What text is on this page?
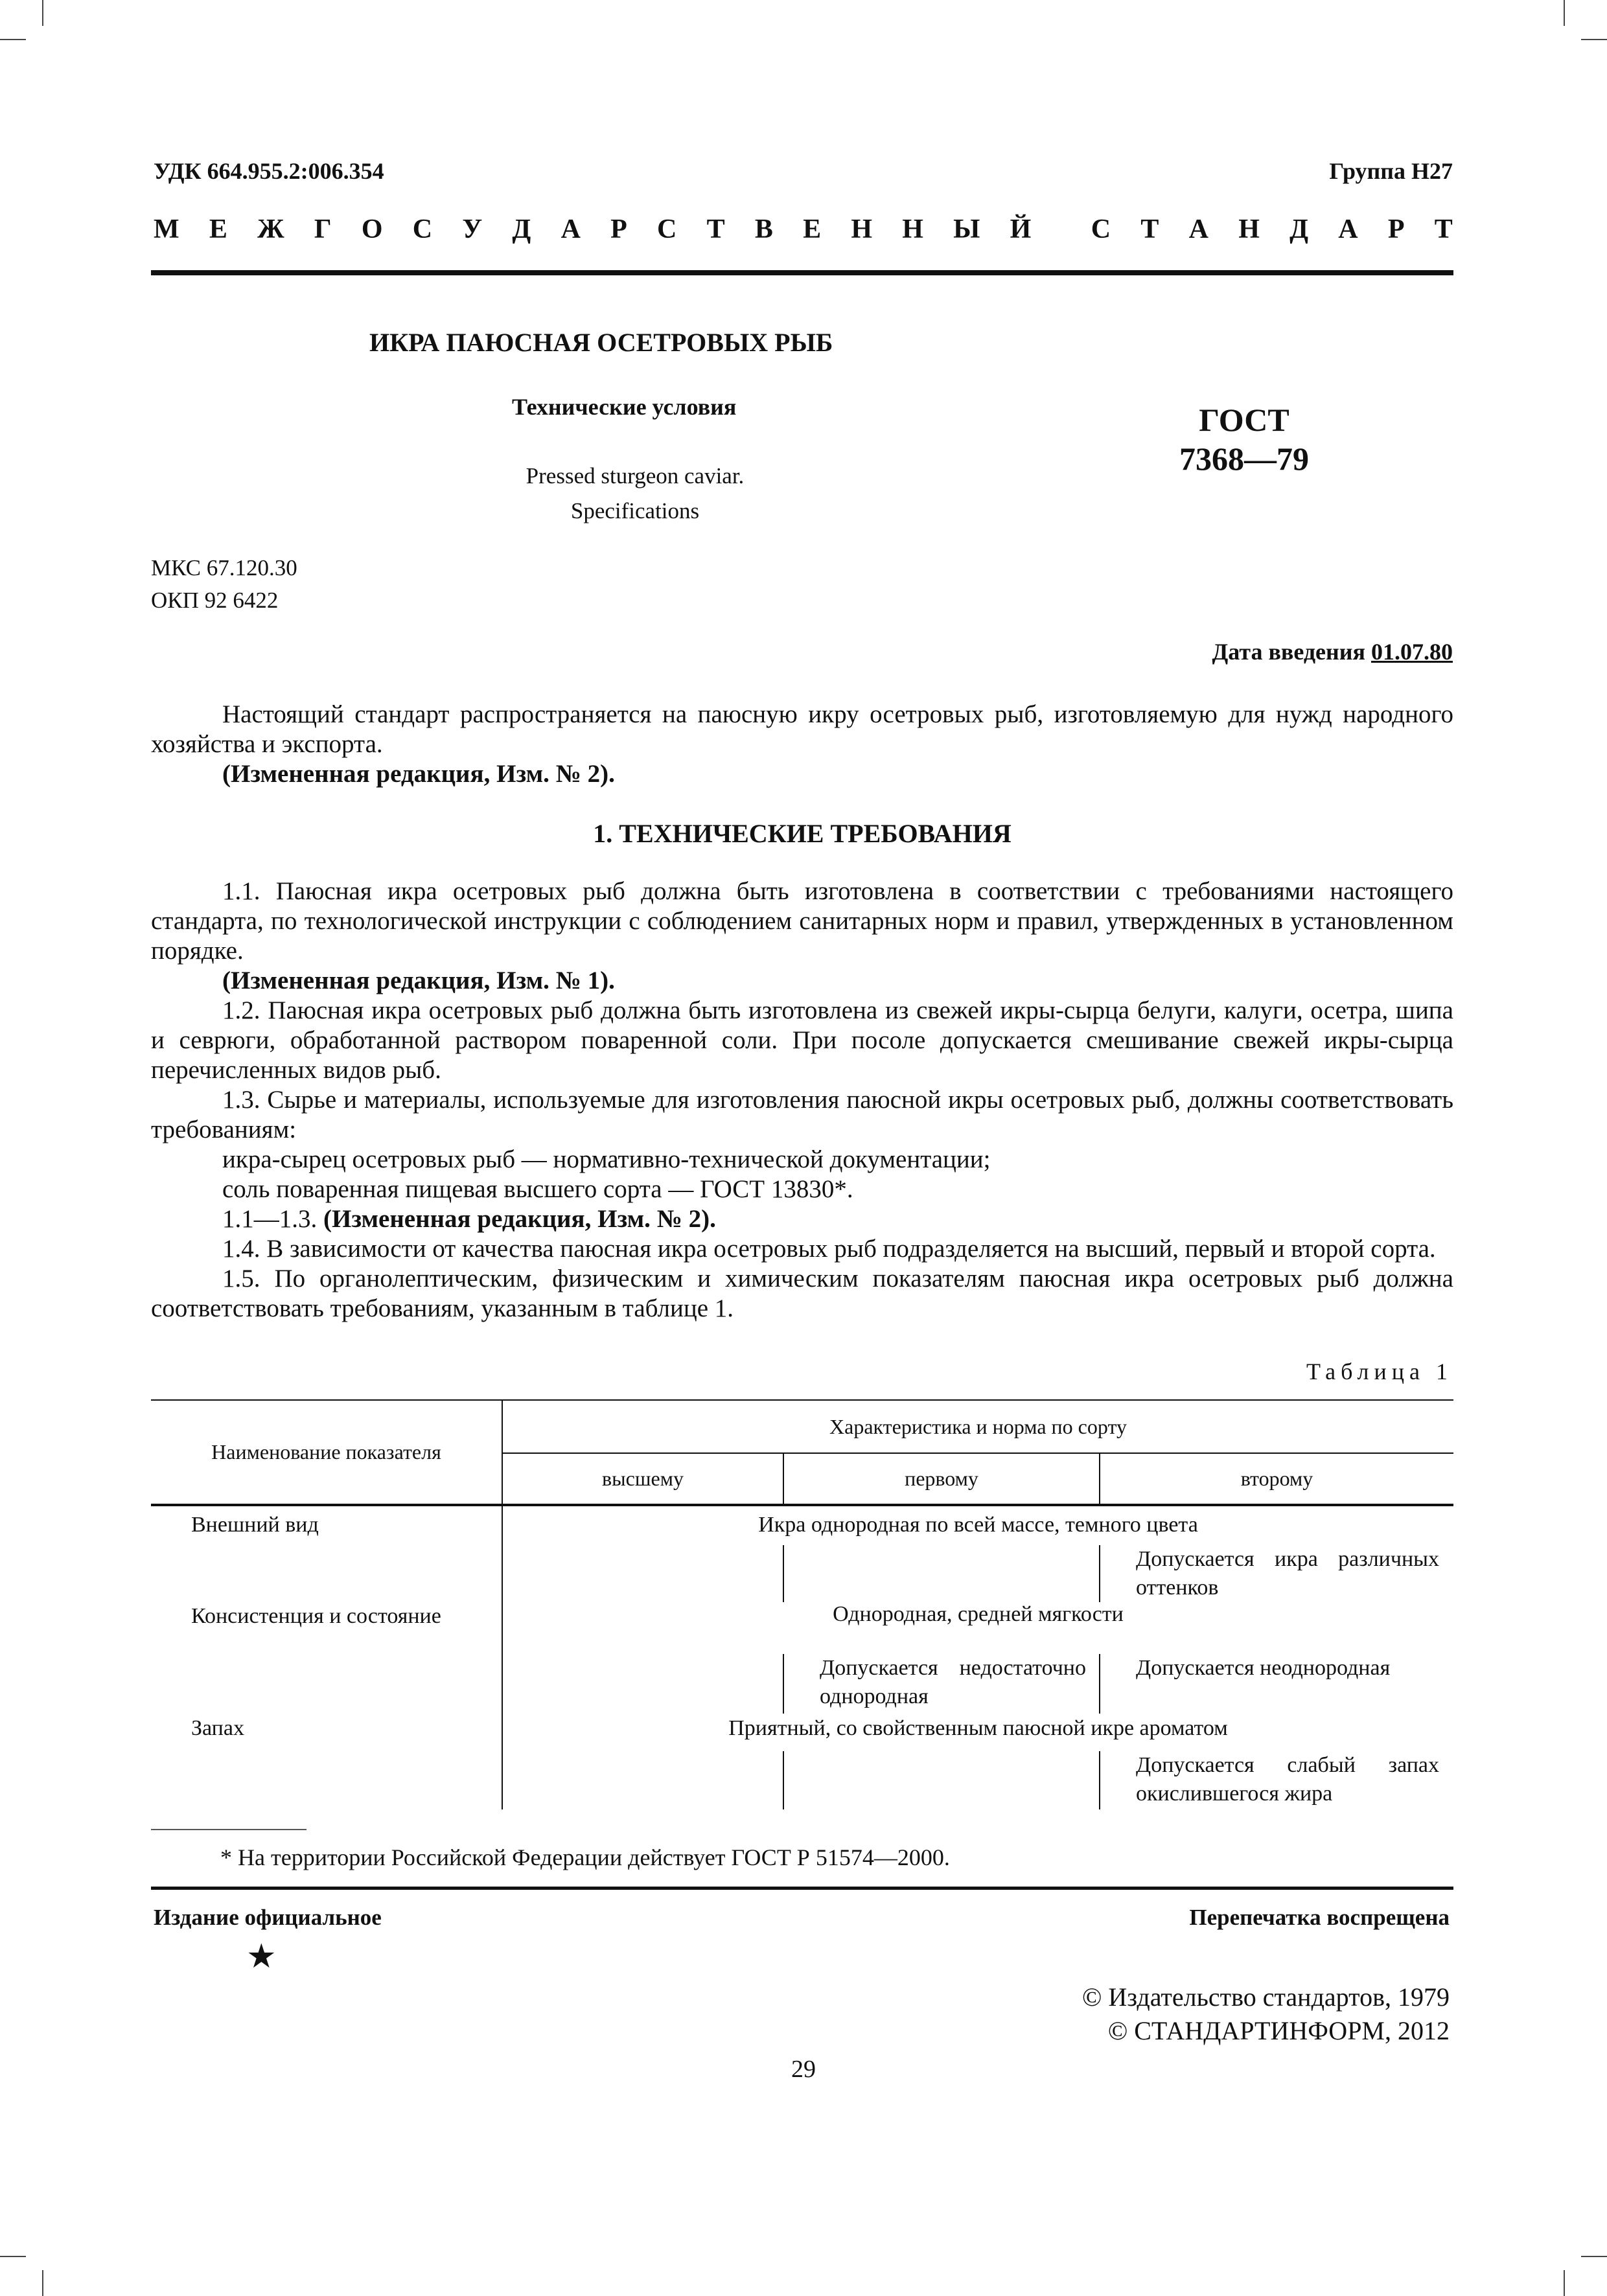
УДК 664.955.2:006.354	Группа Н27
М Е Ж Г О С У Д А Р С Т В Е Н Н Ы Й С Т А Н Д А Р Т
ИКРА ПАЮСНАЯ ОСЕТРОВЫХ РЫБ
Технические условия
Pressed sturgeon caviar.
Specifications
ГОСТ
7368—79
МКС 67.120.30
ОКП 92 6422
Дата введения 01.07.80

Настоящий стандарт распространяется на паюсную икру осетровых рыб, изготовляемую для нужд народного хозяйства и экспорта.

(Измененная редакция, Изм. № 2).

1. ТЕХНИЧЕСКИЕ ТРЕБОВАНИЯ

1.1. Паюсная икра осетровых рыб должна быть изготовлена в соответствии с требованиями настоящего стандарта, по технологической инструкции с соблюдением санитарных норм и правил, утвержденных в установленном порядке.

(Измененная редакция, Изм. № 1).

1.2. Паюсная икра осетровых рыб должна быть изготовлена из свежей икры-сырца белуги, калуги, осетра, шипа и севрюги, обработанной раствором поваренной соли. При посоле допускается смешивание свежей икры-сырца перечисленных видов рыб.

1.3. Сырье и материалы, используемые для изготовления паюсной икры осетровых рыб, должны соответствовать требованиям:

икра-сырец осетровых рыб — нормативно-технической документации;

соль поваренная пищевая высшего сорта — ГОСТ 13830*.

1.1—1.3. (Измененная редакция, Изм. № 2).

1.4. В зависимости от качества паюсная икра осетровых рыб подразделяется на высший, первый и второй сорта.

1.5. По органолептическим, физическим и химическим показателям паюсная икра осетровых рыб должна соответствовать требованиям, указанным в таблице 1.

Таблица 1
Наименование показателя	Характеристика и норма по сорту		
	высшему	первому	второму
Внешний вид	Икра однородная по всей массе, темного цвета		
			Допускается икра различных оттенков
Консистенция и состояние	Однородная, средней мягкости		
		Допускается недостаточно однородная	Допускается неоднородная
Запах	Приятный, со свойственным паюсной икре ароматом		
			Допускается слабый запах окислившегося жира
* На территории Российской Федерации действует ГОСТ Р 51574—2000.
Издание официальное	Перепечатка воспрещена
★
© Издательство стандартов, 1979
© СТАНДАРТИНФОРМ, 2012
29
